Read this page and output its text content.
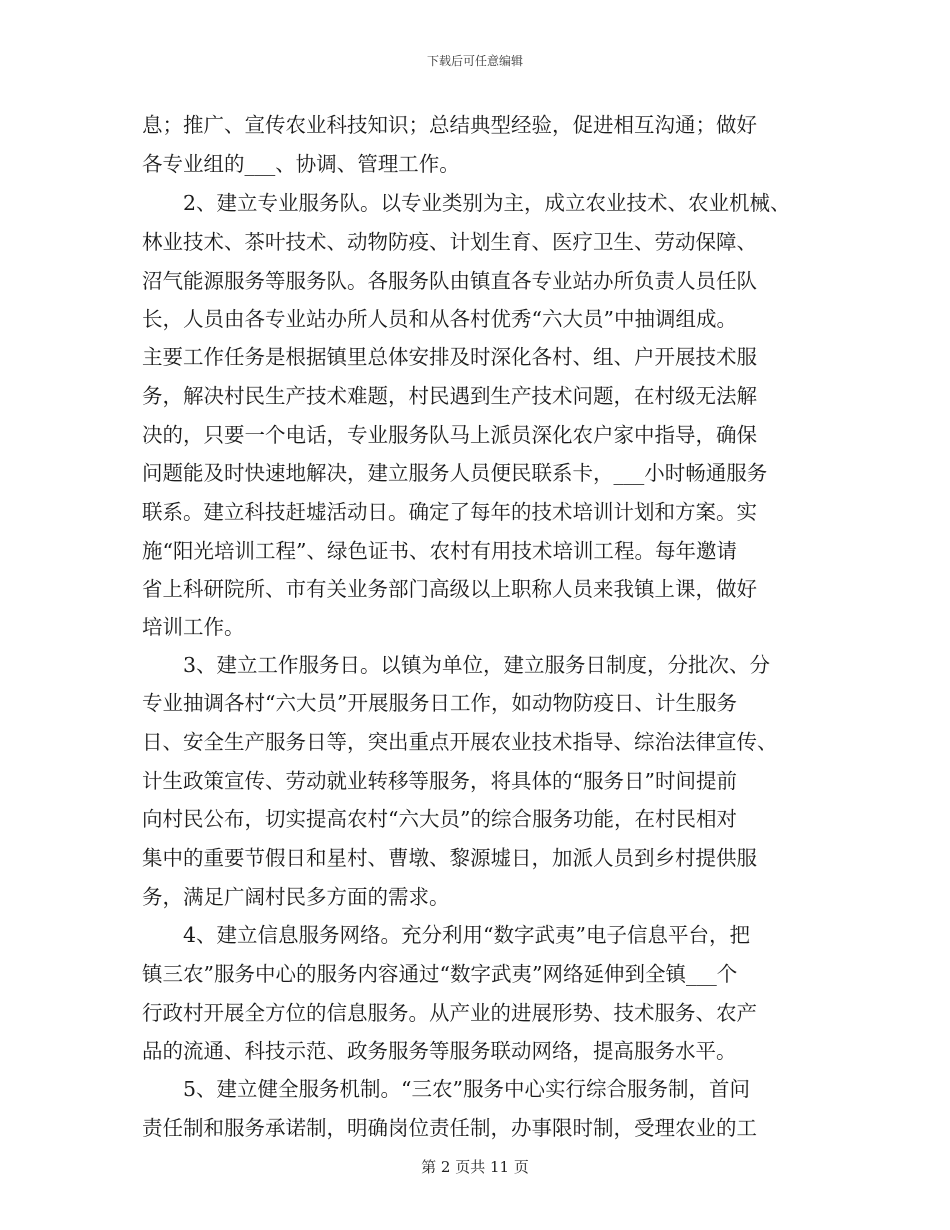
下载后可任意编辑
息；推广、宣传农业科技知识；总结典型经验，促进相互沟通；做好
各专业组的___、协调、管理工作。
　　2、建立专业服务队。以专业类别为主，成立农业技术、农业机械、
林业技术、茶叶技术、动物防疫、计划生育、医疗卫生、劳动保障、
沼气能源服务等服务队。各服务队由镇直各专业站办所负责人员任队
长，人员由各专业站办所人员和从各村优秀“六大员”中抽调组成。
主要工作任务是根据镇里总体安排及时深化各村、组、户开展技术服
务，解决村民生产技术难题，村民遇到生产技术问题，在村级无法解
决的，只要一个电话，专业服务队马上派员深化农户家中指导，确保
问题能及时快速地解决，建立服务人员便民联系卡，___小时畅通服务
联系。建立科技赶墟活动日。确定了每年的技术培训计划和方案。实
施“阳光培训工程”、绿色证书、农村有用技术培训工程。每年邀请
省上科研院所、市有关业务部门高级以上职称人员来我镇上课，做好
培训工作。
　　3、建立工作服务日。以镇为单位，建立服务日制度，分批次、分
专业抽调各村“六大员”开展服务日工作，如动物防疫日、计生服务
日、安全生产服务日等，突出重点开展农业技术指导、综治法律宣传、
计生政策宣传、劳动就业转移等服务，将具体的“服务日”时间提前
向村民公布，切实提高农村“六大员”的综合服务功能，在村民相对
集中的重要节假日和星村、曹墩、黎源墟日，加派人员到乡村提供服
务，满足广阔村民多方面的需求。
　　4、建立信息服务网络。充分利用“数字武夷”电子信息平台，把
镇三农”服务中心的服务内容通过“数字武夷”网络延伸到全镇___个
行政村开展全方位的信息服务。从产业的进展形势、技术服务、农产
品的流通、科技示范、政务服务等服务联动网络，提高服务水平。
　　5、建立健全服务机制。“三农”服务中心实行综合服务制，首问
责任制和服务承诺制，明确岗位责任制，办事限时制，受理农业的工
第 2 页共 11 页
